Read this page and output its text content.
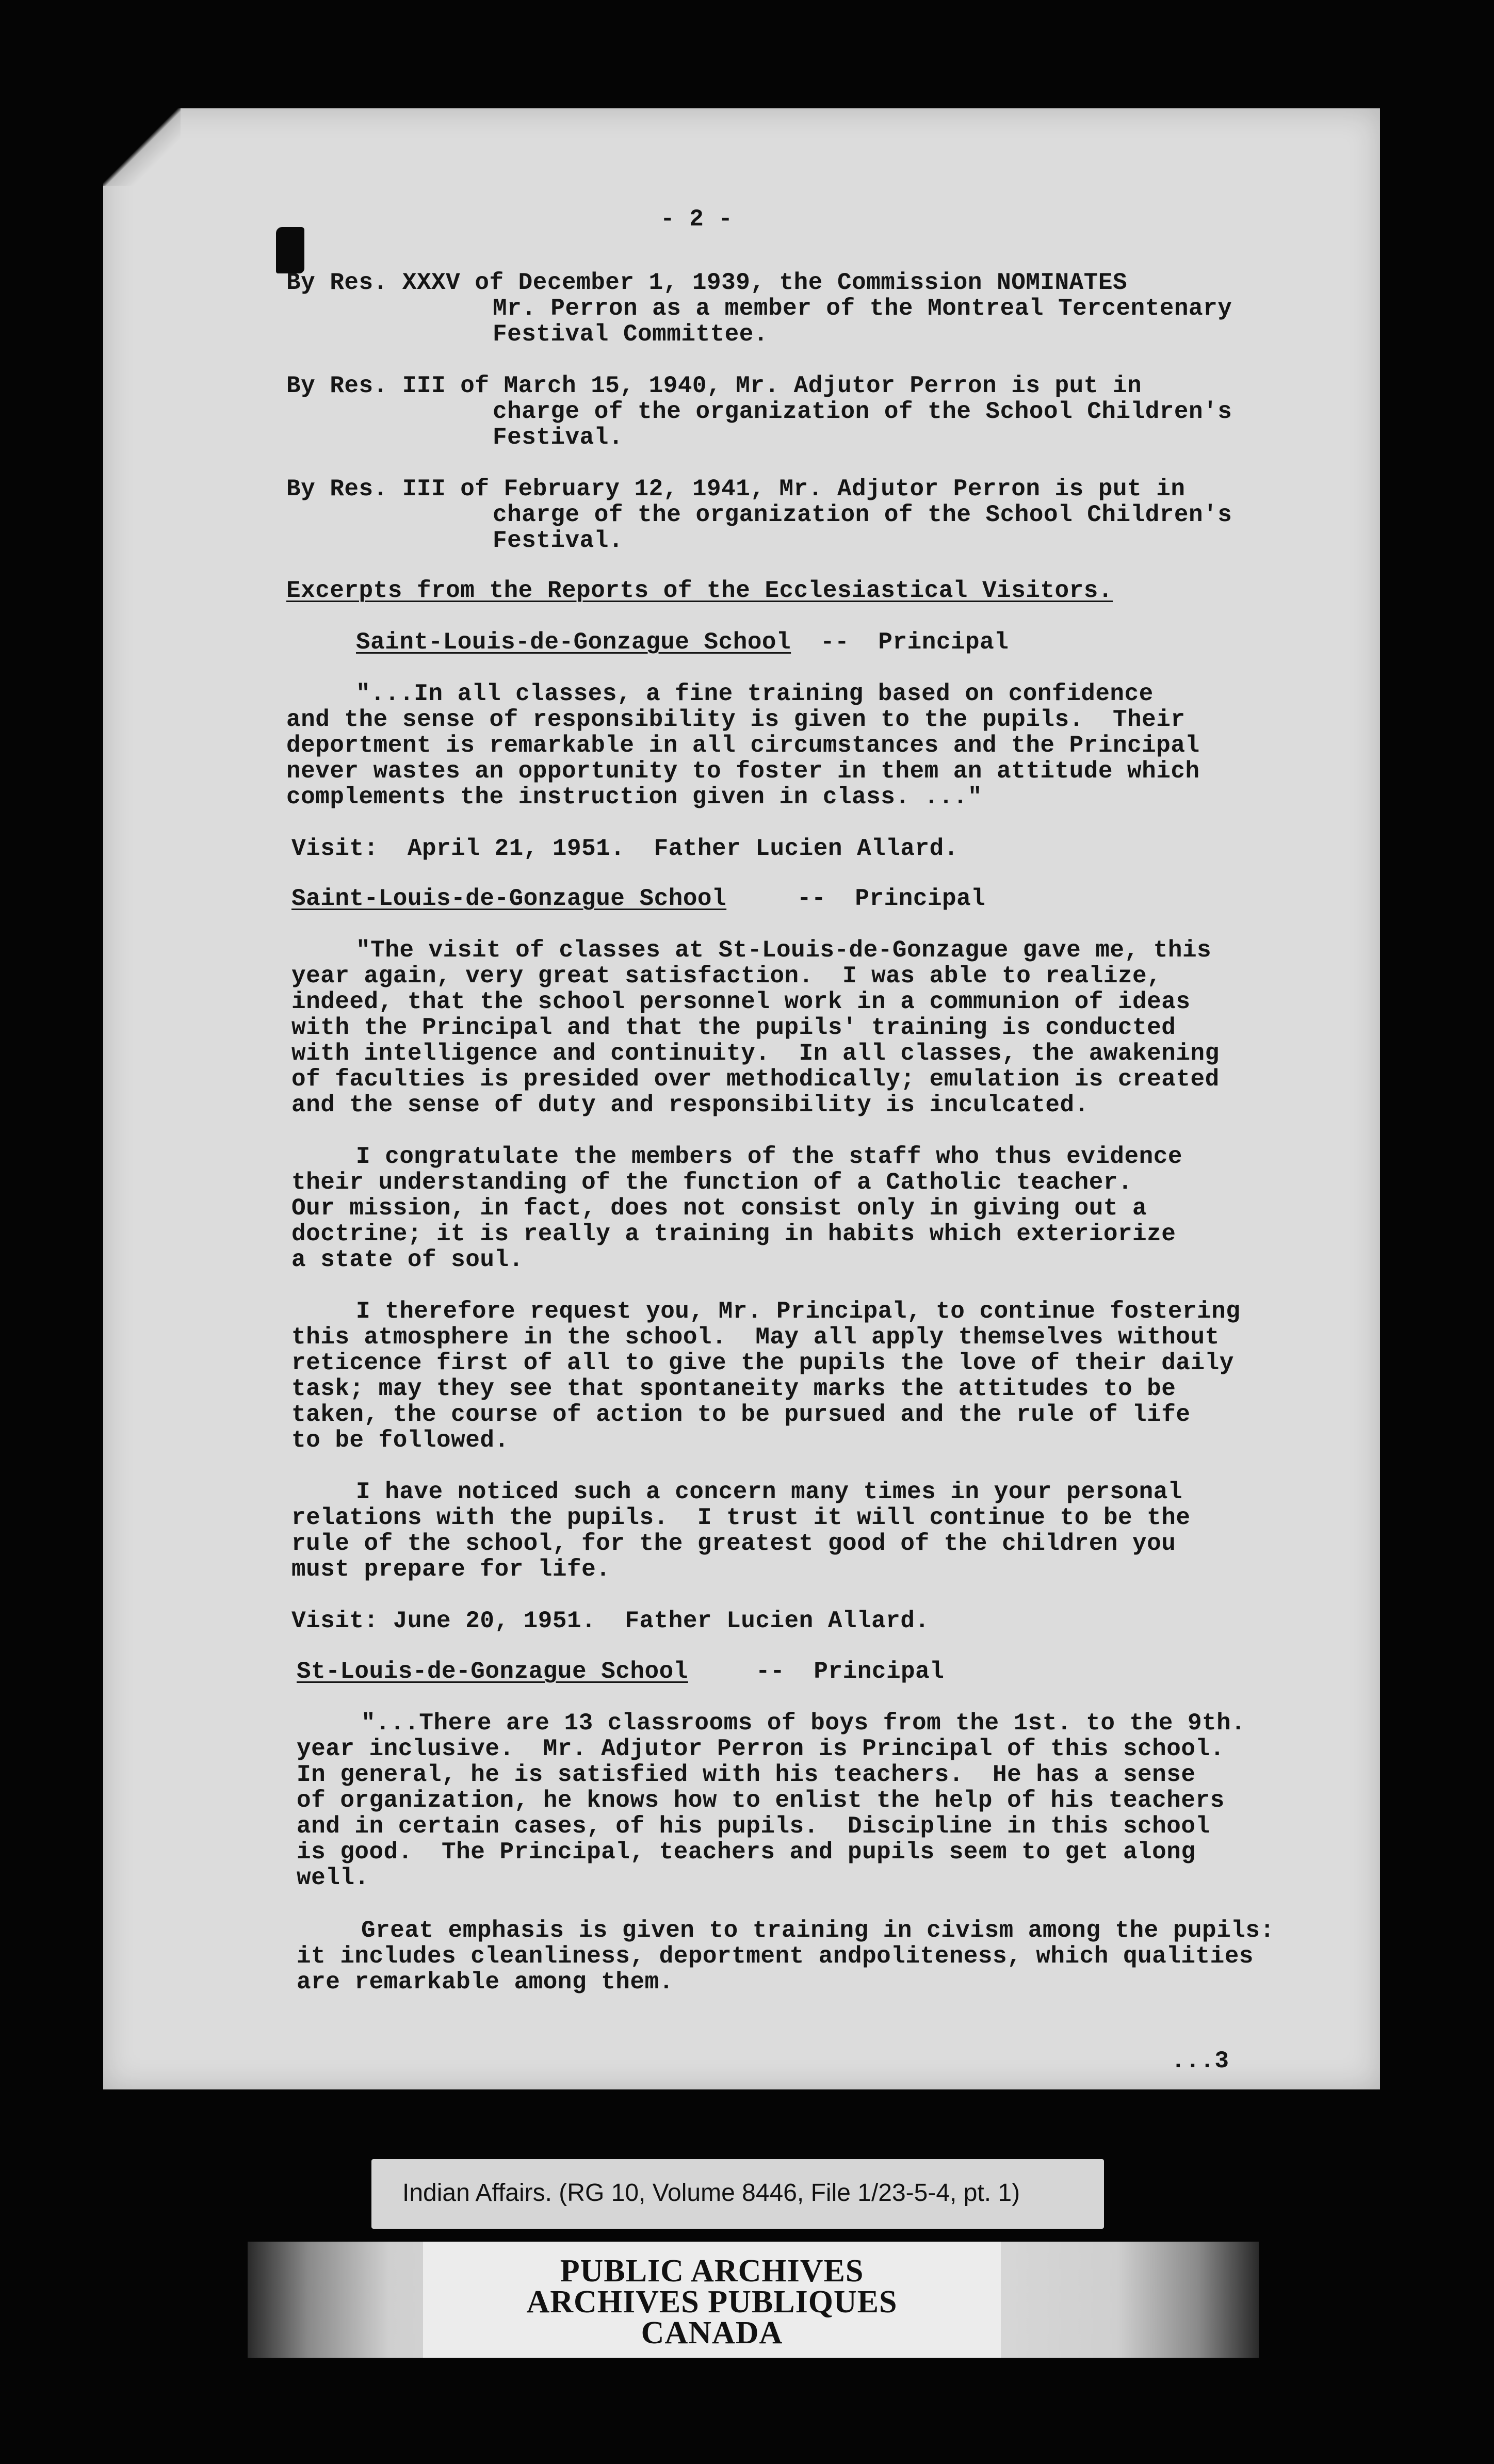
- 2 -
By Res. XXXV of December 1, 1939, the Commission NOMINATES
Mr. Perron as a member of the Montreal Tercentenary
Festival Committee.
By Res. III of March 15, 1940, Mr. Adjutor Perron is put in
charge of the organization of the School Children's
Festival.
By Res. III of February 12, 1941, Mr. Adjutor Perron is put in
charge of the organization of the School Children's
Festival.
Excerpts from the Reports of the Ecclesiastical Visitors.
Saint-Louis-de-Gonzague School --  Principal
"...In all classes, a fine training based on confidence
and the sense of responsibility is given to the pupils.  Their
deportment is remarkable in all circumstances and the Principal
never wastes an opportunity to foster in them an attitude which
complements the instruction given in class. ..."
Visit:  April 21, 1951.  Father Lucien Allard.
Saint-Louis-de-Gonzague School	--  Principal
"The visit of classes at St-Louis-de-Gonzague gave me, this
year again, very great satisfaction.  I was able to realize,
indeed, that the school personnel work in a communion of ideas
with the Principal and that the pupils' training is conducted
with intelligence and continuity.  In all classes, the awakening
of faculties is presided over methodically; emulation is created
and the sense of duty and responsibility is inculcated.
I congratulate the members of the staff who thus evidence
their understanding of the function of a Catholic teacher.
Our mission, in fact, does not consist only in giving out a
doctrine; it is really a training in habits which exteriorize
a state of soul.
I therefore request you, Mr. Principal, to continue fostering
this atmosphere in the school.  May all apply themselves without
reticence first of all to give the pupils the love of their daily
task; may they see that spontaneity marks the attitudes to be
taken, the course of action to be pursued and the rule of life
to be followed.
I have noticed such a concern many times in your personal
relations with the pupils.  I trust it will continue to be the
rule of the school, for the greatest good of the children you
must prepare for life.
Visit: June 20, 1951.  Father Lucien Allard.
St-Louis-de-Gonzague School	--  Principal
"...There are 13 classrooms of boys from the 1st. to the 9th.
year inclusive.  Mr. Adjutor Perron is Principal of this school.
In general, he is satisfied with his teachers.  He has a sense
of organization, he knows how to enlist the help of his teachers
and in certain cases, of his pupils.  Discipline in this school
is good.  The Principal, teachers and pupils seem to get along
well.
Great emphasis is given to training in civism among the pupils:
it includes cleanliness, deportment andpoliteness, which qualities
are remarkable among them.
...3
Indian Affairs. (RG 10, Volume 8446, File 1/23-5-4, pt. 1)
PUBLIC ARCHIVES
ARCHIVES PUBLIQUES
CANADA
